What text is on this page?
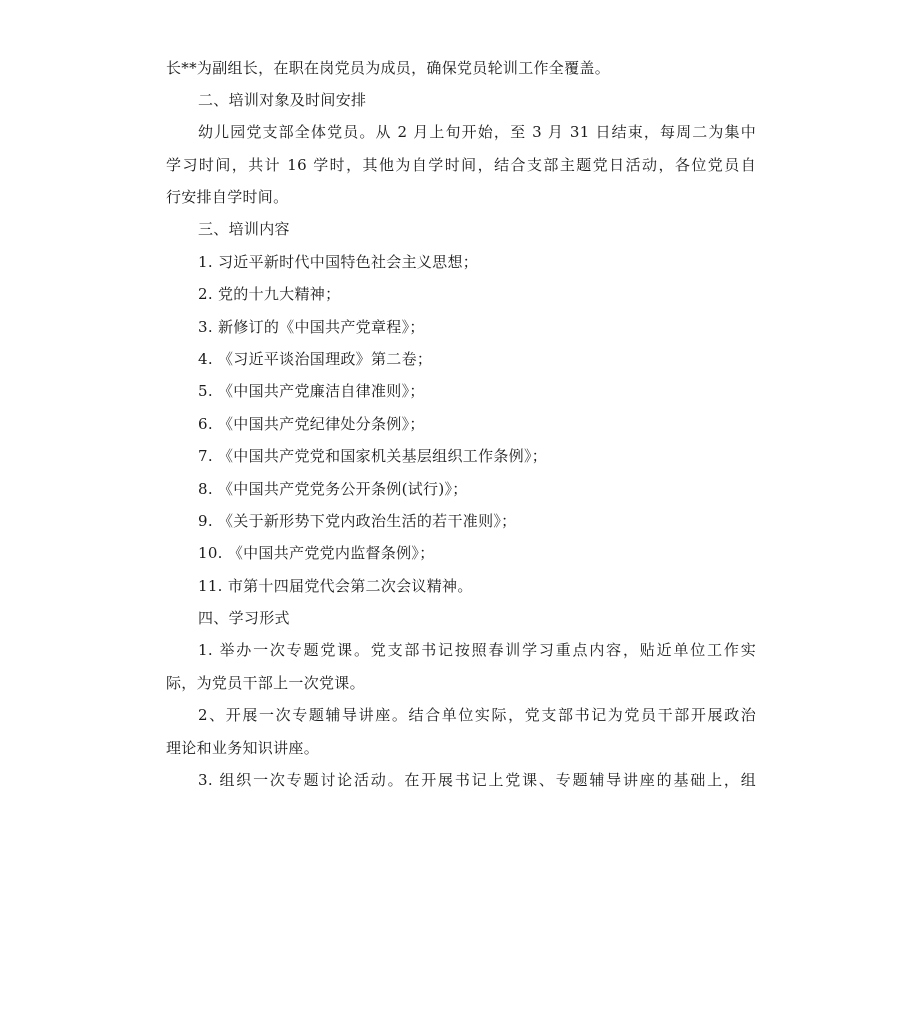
长**为副组长，在职在岗党员为成员，确保党员轮训工作全覆盖。
二、培训对象及时间安排
幼儿园党支部全体党员。从 2 月上旬开始，至 3 月 31 日结束，每周二为集中
学习时间，共计 16 学时，其他为自学时间，结合支部主题党日活动，各位党员自
行安排自学时间。
三、培训内容
1. 习近平新时代中国特色社会主义思想；
2. 党的十九大精神；
3. 新修订的《中国共产党章程》；
4. 《习近平谈治国理政》第二卷；
5. 《中国共产党廉洁自律准则》；
6. 《中国共产党纪律处分条例》；
7. 《中国共产党党和国家机关基层组织工作条例》；
8. 《中国共产党党务公开条例(试行)》；
9. 《关于新形势下党内政治生活的若干准则》；
10. 《中国共产党党内监督条例》；
11. 市第十四届党代会第二次会议精神。
四、学习形式
1. 举办一次专题党课。党支部书记按照春训学习重点内容，贴近单位工作实
际，为党员干部上一次党课。
2、开展一次专题辅导讲座。结合单位实际，党支部书记为党员干部开展政治
理论和业务知识讲座。
3. 组织一次专题讨论活动。在开展书记上党课、专题辅导讲座的基础上，组
